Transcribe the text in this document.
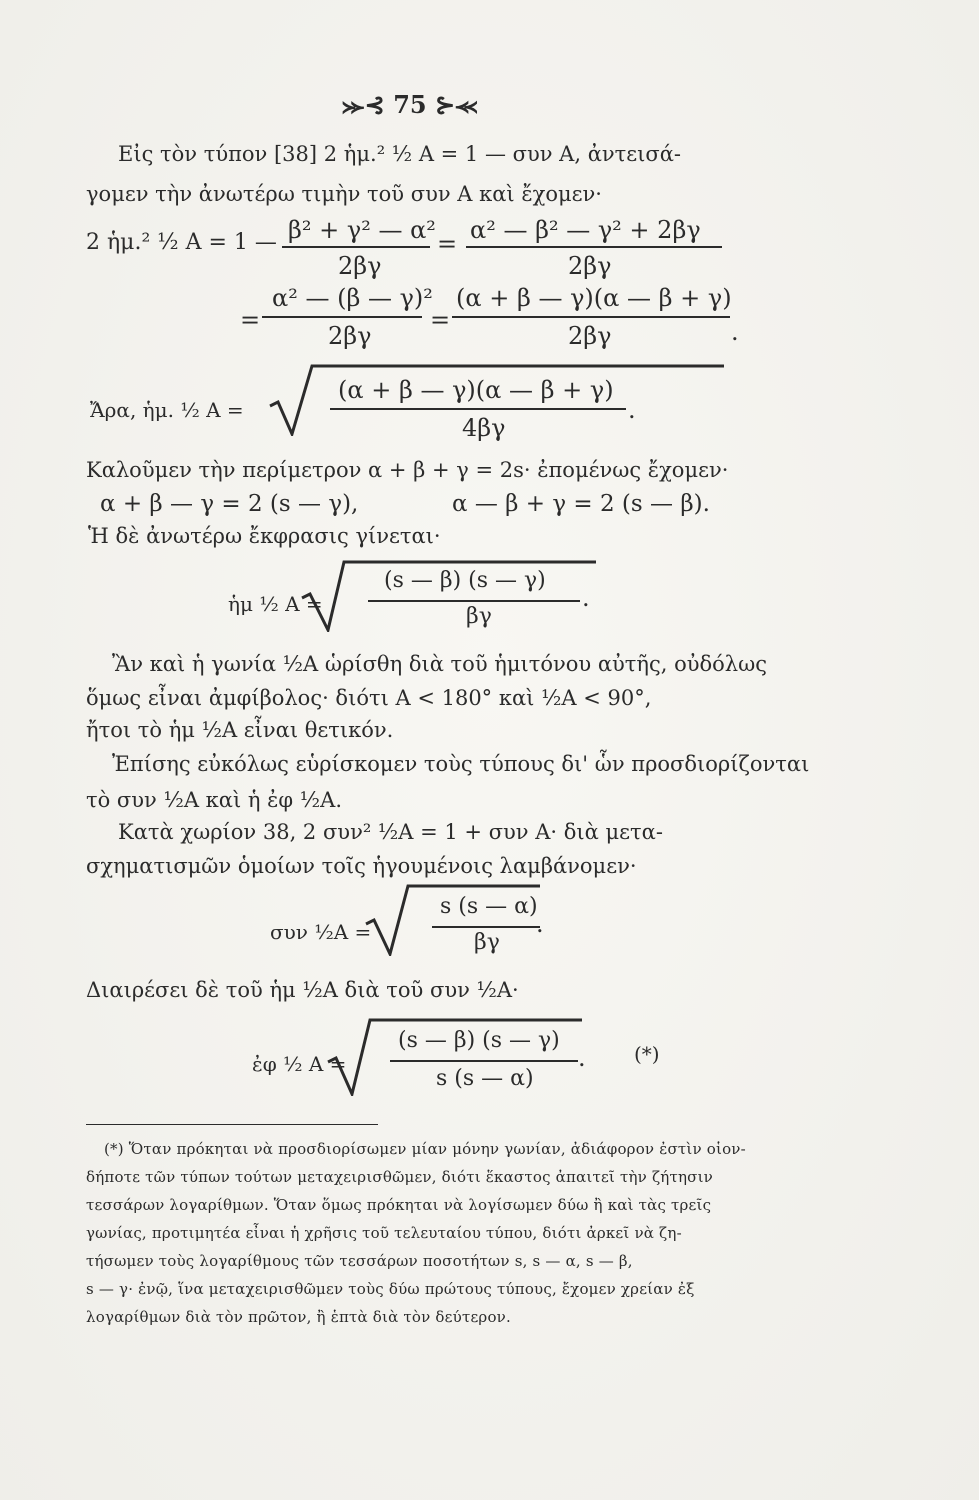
⪼⊰ 75 ⊱⪻
Εἰς τὸν τύπον [38] 2 ἡμ.² ½ Α = 1 — συν Α, ἀντεισά-
γομεν τὴν ἀνωτέρω τιμὴν τοῦ συν Α καὶ ἔχομεν·
2 ἡμ.² ½ Α = 1 — β² + γ² — α²
2βγ
= α² — β² — γ² + 2βγ
2βγ
=
α² — (β — γ)²
2βγ
=
(α + β — γ)(α — β + γ)
2βγ	.
Ἄρα, ἡμ. ½ Α =
(α + β — γ)(α — β + γ)
4βγ
.
Καλοῦμεν τὴν περίμετρον α + β + γ = 2s· ἐπομένως ἔχομεν·
α + β — γ = 2 (s — γ),	α — β + γ = 2 (s — β).
Ἡ δὲ ἀνωτέρω ἔκφρασις γίνεται·
ἡμ ½ Α =
(s — β) (s — γ)
βγ
.
Ἂν καὶ ἡ γωνία ½Α ὡρίσθη διὰ τοῦ ἡμιτόνου αὐτῆς, οὐδόλως
ὅμως εἶναι ἀμφίβολος· διότι Α < 180° καὶ ½Α < 90°,
ἤτοι τὸ ἡμ ½Α εἶναι θετικόν.
Ἐπίσης εὐκόλως εὑρίσκομεν τοὺς τύπους δι' ὧν προσδιορίζονται
τὸ συν ½Α καὶ ἡ ἐφ ½Α.
Κατὰ χωρίον 38, 2 συν² ½Α = 1 + συν Α· διὰ μετα-
σχηματισμῶν ὁμοίων τοῖς ἡγουμένοις λαμβάνομεν·
συν ½Α =
s (s — α)
βγ
.
Διαιρέσει δὲ τοῦ ἡμ ½Α διὰ τοῦ συν ½Α·
ἐφ ½ Α =
(s — β) (s — γ)
s (s — α)
. (*)
(*) Ὅταν πρόκηται νὰ προσδιορίσωμεν μίαν μόνην γωνίαν, ἀδιάφορον ἐστὶν οἱον-
δήποτε τῶν τύπων τούτων μεταχειρισθῶμεν, διότι ἕκαστος ἀπαιτεῖ τὴν ζήτησιν
τεσσάρων λογαρίθμων. Ὅταν ὅμως πρόκηται νὰ λογίσωμεν δύω ἢ καὶ τὰς τρεῖς
γωνίας, προτιμητέα εἶναι ἡ χρῆσις τοῦ τελευταίου τύπου, διότι ἀρκεῖ νὰ ζη-
τήσωμεν τοὺς λογαρίθμους τῶν τεσσάρων ποσοτήτων s, s — α, s — β,
s — γ· ἐνῷ, ἵνα μεταχειρισθῶμεν τοὺς δύω πρώτους τύπους, ἔχομεν χρείαν ἐξ
λογαρίθμων διὰ τὸν πρῶτον, ἢ ἑπτὰ διὰ τὸν δεύτερον.
